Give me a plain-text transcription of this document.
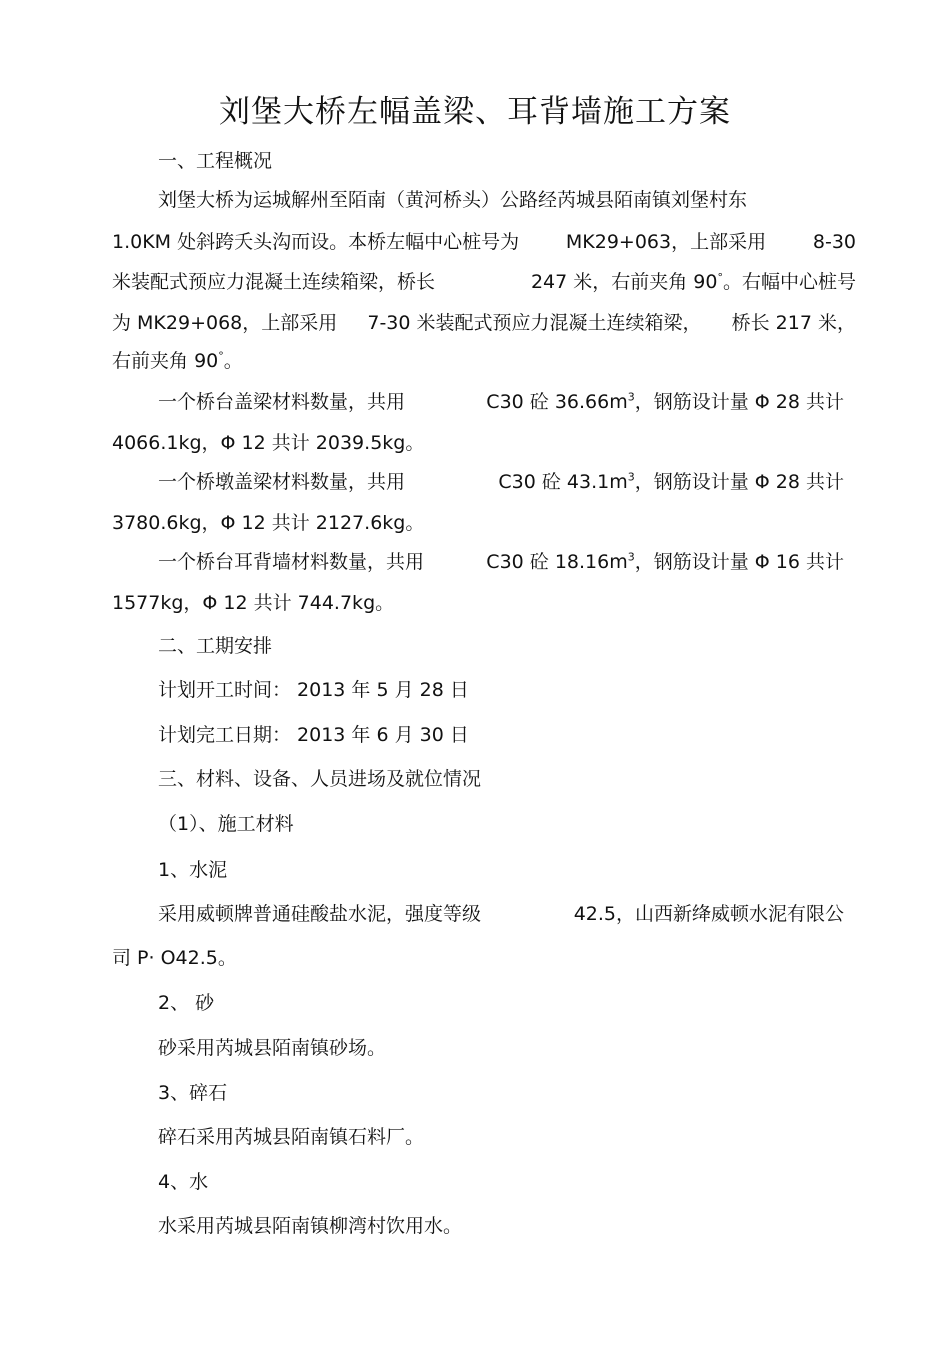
刘堡大桥左幅盖梁、耳背墙施工方案

一、工程概况

刘堡大桥为运城解州至陌南（黄河桥头）公路经芮城县陌南镇刘堡村东

1.0KM 处斜跨夭头沟而设。本桥左幅中心桩号为 MK29+063，上部采用 8-30

米装配式预应力混凝土连续箱梁，桥长	247 米，右前夹角 90°。右幅中心桩号

为 MK29+068，上部采用 7-30 米装配式预应力混凝土连续箱梁， 桥长 217 米，

右前夹角 90°。

一个桥台盖梁材料数量，共用	C30 砼 $36.66m^3$，钢筋设计量 Φ 28 共计

4066.1kg，Φ 12 共计 2039.5kg。

一个桥墩盖梁材料数量，共用	C30 砼 $43.1m^3$，钢筋设计量 Φ 28 共计

3780.6kg，Φ 12 共计 2127.6kg。

一个桥台耳背墙材料数量，共用	C30 砼 $18.16m^3$，钢筋设计量 Φ 16 共计

1577kg，Φ 12 共计 744.7kg。

二、工期安排

计划开工时间： 2013 年 5 月 28 日

计划完工日期： 2013 年 6 月 30 日

三、材料、设备、人员进场及就位情况

（1）、施工材料

1、水泥

采用威顿牌普通硅酸盐水泥，强度等级	42.5，山西新绛威顿水泥有限公

司 P· O42.5。

2、 砂

砂采用芮城县陌南镇砂场。

3、碎石

碎石采用芮城县陌南镇石料厂。

4、水

水采用芮城县陌南镇柳湾村饮用水。
